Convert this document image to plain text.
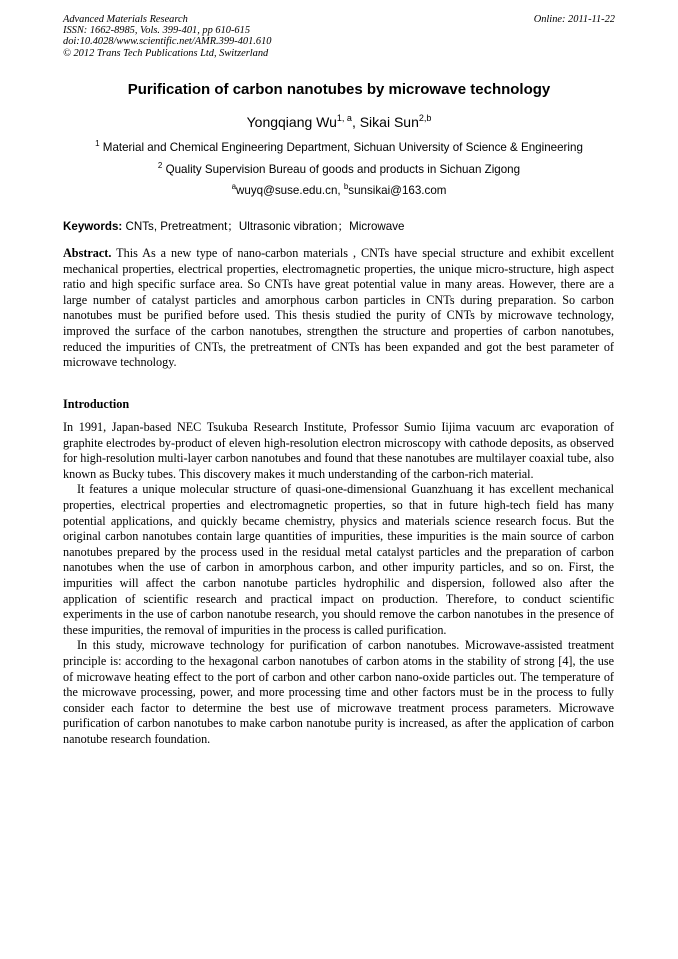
Advanced Materials Research
ISSN: 1662-8985, Vols. 399-401, pp 610-615
doi:10.4028/www.scientific.net/AMR.399-401.610
© 2012 Trans Tech Publications Ltd, Switzerland
Online: 2011-11-22
Purification of carbon nanotubes by microwave technology
Yongqiang Wu$^{1, a}$, Sikai Sun$^{2,b}$
$^1$ Material and Chemical Engineering Department, Sichuan University of Science & Engineering
$^2$ Quality Supervision Bureau of goods and products in Sichuan Zigong
$^a$wuyq@suse.edu.cn, $^b$sunsikai@163.com
Keywords: CNTs, Pretreatment；Ultrasonic vibration；Microwave

Abstract. This As a new type of nano-carbon materials , CNTs have special structure and exhibit excellent mechanical properties, electrical properties, electromagnetic properties, the unique micro-structure, high aspect ratio and high specific surface area. So CNTs have great potential value in many areas. However, there are a large number of catalyst particles and amorphous carbon particles in CNTs during preparation. So carbon nanotubes must be purified before used. This thesis studied the purity of CNTs by microwave technology, improved the surface of the carbon nanotubes, strengthen the structure and properties of carbon nanotubes, reduced the impurities of CNTs, the pretreatment of CNTs has been expanded and got the best parameter of microwave technology.

Introduction

In 1991, Japan-based NEC Tsukuba Research Institute, Professor Sumio Iijima vacuum arc evaporation of graphite electrodes by-product of eleven high-resolution electron microscopy with cathode deposits, as observed for high-resolution multi-layer carbon nanotubes and found that these nanotubes are multilayer coaxial tube, also known as Bucky tubes. This discovery makes it much understanding of the carbon-rich material.

It features a unique molecular structure of quasi-one-dimensional Guanzhuang it has excellent mechanical properties, electrical properties and electromagnetic properties, so that in future high-tech field has many potential applications, and quickly became chemistry, physics and materials science research focus. But the original carbon nanotubes contain large quantities of impurities, these impurities is the main source of carbon nanotubes prepared by the process used in the residual metal catalyst particles and the preparation of carbon nanotubes when the use of carbon in amorphous carbon, and other impurity particles, and so on. First, the impurities will affect the carbon nanotube particles hydrophilic and dispersion, followed also after the application of scientific research and practical impact on production. Therefore, to conduct scientific experiments in the use of carbon nanotube research, you should remove the carbon nanotubes in the presence of these impurities, the removal of impurities in the process is called purification.

In this study, microwave technology for purification of carbon nanotubes. Microwave-assisted treatment principle is: according to the hexagonal carbon nanotubes of carbon atoms in the stability of strong [4], the use of microwave heating effect to the port of carbon and other carbon nano-oxide particles out. The temperature of the microwave processing, power, and more processing time and other factors must be in the process to fully consider each factor to determine the best use of microwave treatment process parameters. Microwave purification of carbon nanotubes to make carbon nanotube purity is increased, as after the application of carbon nanotube research foundation.
